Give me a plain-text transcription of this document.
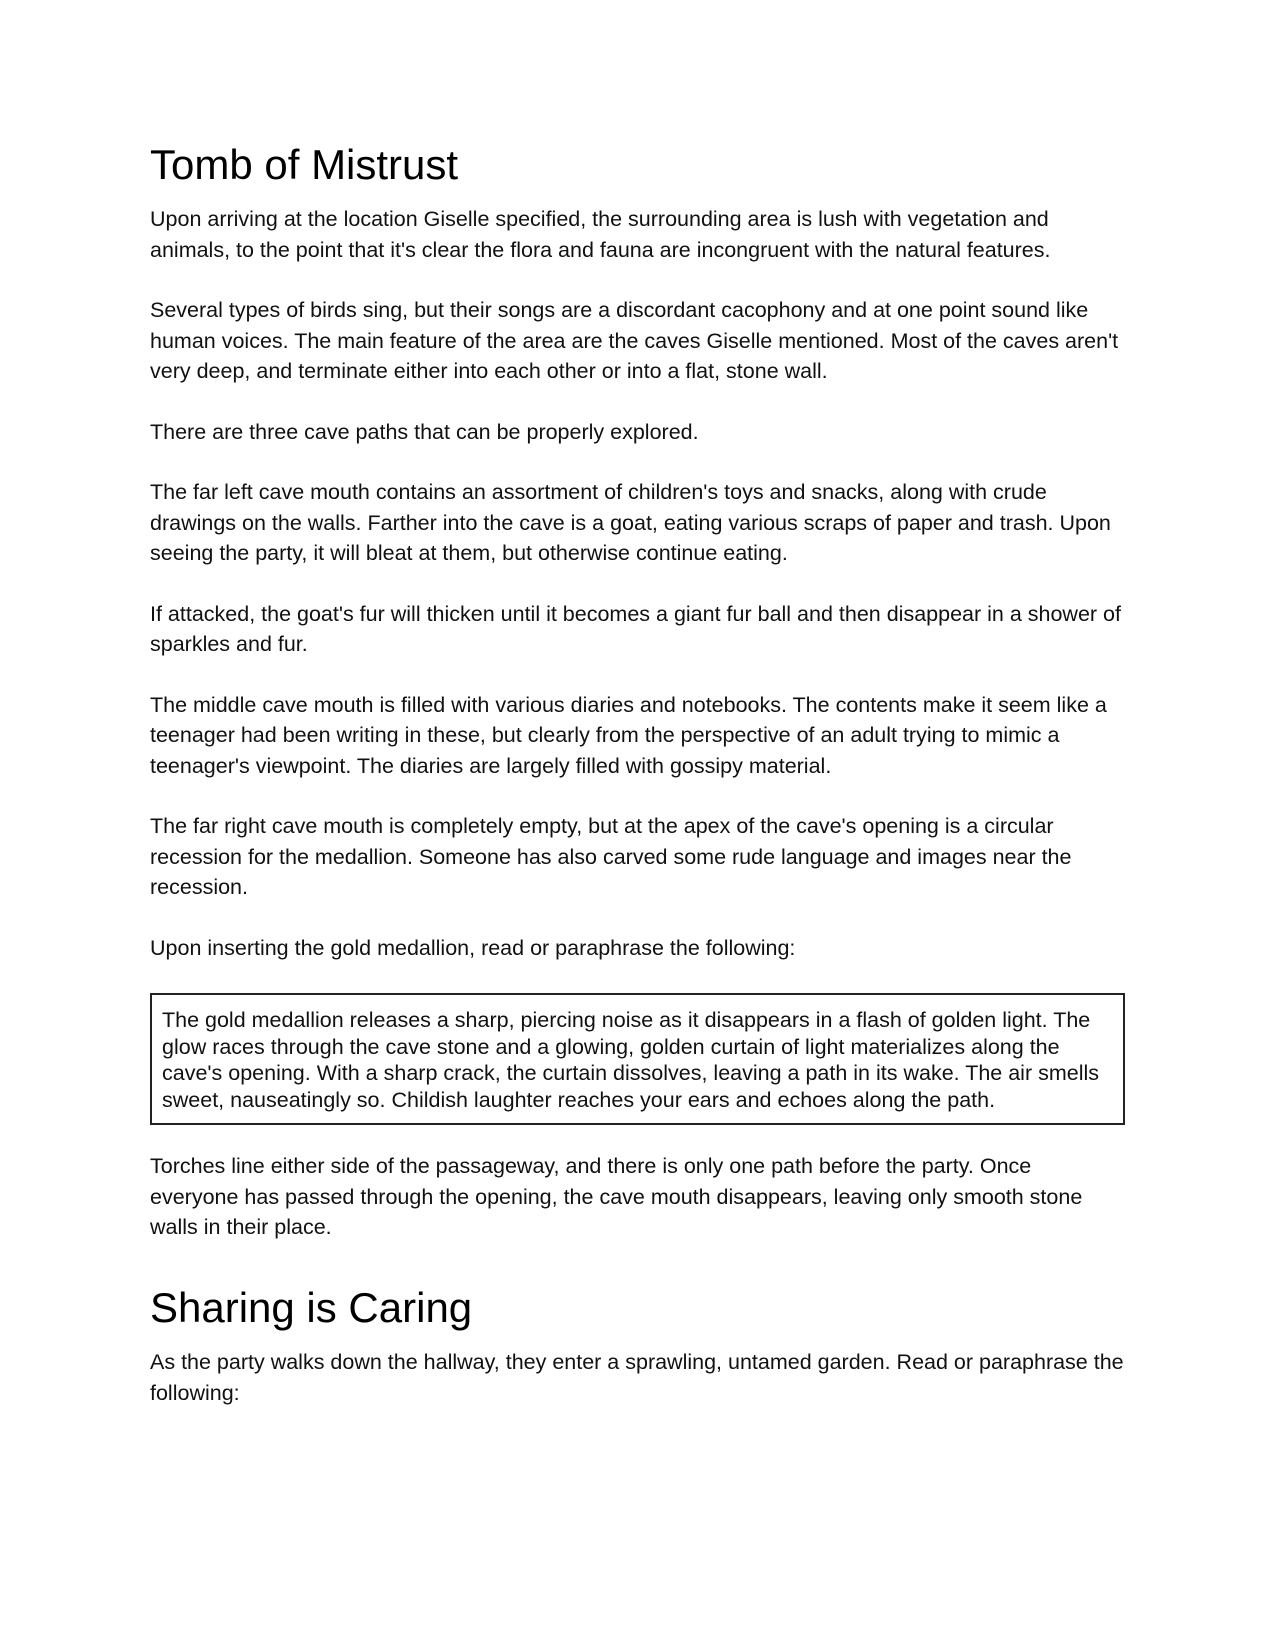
Tomb of Mistrust

Upon arriving at the location Giselle specified, the surrounding area is lush with vegetation and animals, to the point that it's clear the flora and fauna are incongruent with the natural features.

Several types of birds sing, but their songs are a discordant cacophony and at one point sound like human voices. The main feature of the area are the caves Giselle mentioned. Most of the caves aren't very deep, and terminate either into each other or into a flat, stone wall.

There are three cave paths that can be properly explored.

The far left cave mouth contains an assortment of children's toys and snacks, along with crude drawings on the walls. Farther into the cave is a goat, eating various scraps of paper and trash. Upon seeing the party, it will bleat at them, but otherwise continue eating.

If attacked, the goat's fur will thicken until it becomes a giant fur ball and then disappear in a shower of sparkles and fur.

The middle cave mouth is filled with various diaries and notebooks. The contents make it seem like a teenager had been writing in these, but clearly from the perspective of an adult trying to mimic a teenager's viewpoint. The diaries are largely filled with gossipy material.

The far right cave mouth is completely empty, but at the apex of the cave's opening is a circular recession for the medallion. Someone has also carved some rude language and images near the recession.

Upon inserting the gold medallion, read or paraphrase the following:

The gold medallion releases a sharp, piercing noise as it disappears in a flash of golden light. The glow races through the cave stone and a glowing, golden curtain of light materializes along the cave's opening. With a sharp crack, the curtain dissolves, leaving a path in its wake. The air smells sweet, nauseatingly so. Childish laughter reaches your ears and echoes along the path.

Torches line either side of the passageway, and there is only one path before the party. Once everyone has passed through the opening, the cave mouth disappears, leaving only smooth stone walls in their place.

Sharing is Caring

As the party walks down the hallway, they enter a sprawling, untamed garden. Read or paraphrase the following:
